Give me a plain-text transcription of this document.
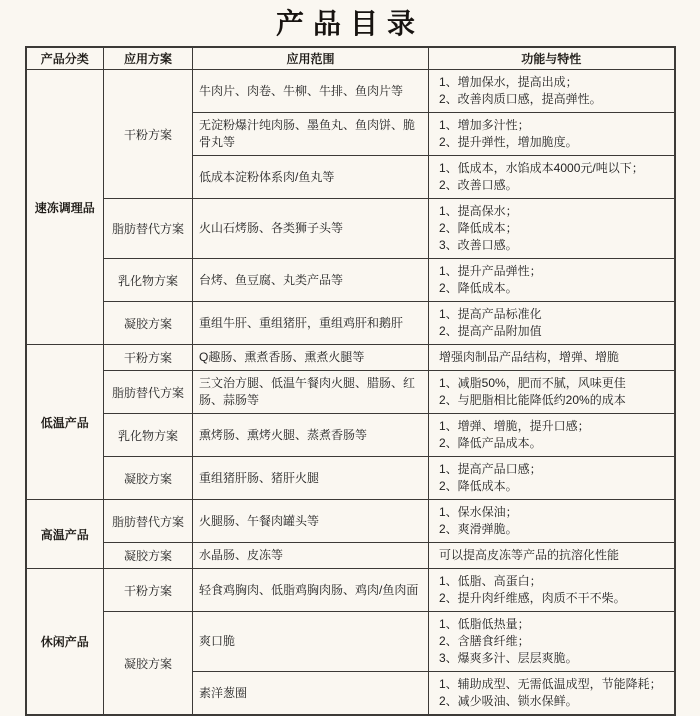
产品目录
产品分类	应用方案	应用范围	功能与特性
速冻调理品	干粉方案	牛肉片、肉卷、牛柳、牛排、鱼肉片等	1、增加保水，提高出成；
2、改善肉质口感，提高弹性。

		无淀粉爆汁纯肉肠、墨鱼丸、鱼肉饼、脆骨丸等	1、增加多汁性；
2、提升弹性，增加脆度。

		低成本淀粉体系肉/鱼丸等	1、低成本，水馅成本4000元/吨以下；
2、改善口感。

	脂肪替代方案	火山石烤肠、各类狮子头等	1、提高保水；
2、降低成本；
3、改善口感。

	乳化物方案	台烤、鱼豆腐、丸类产品等	1、提升产品弹性；
2、降低成本。

	凝胶方案	重组牛肝、重组猪肝，重组鸡肝和鹅肝	1、提高产品标准化
2、提高产品附加值

低温产品	干粉方案	Q趣肠、熏煮香肠、熏煮火腿等	增强肉制品产品结构，增弹、增脆

	脂肪替代方案	三文治方腿、低温午餐肉火腿、腊肠、红肠、蒜肠等	1、减脂50%，肥而不腻，风味更佳
2、与肥脂相比能降低约20%的成本

	乳化物方案	熏烤肠、熏烤火腿、蒸煮香肠等	1、增弹、增脆，提升口感；
2、降低产品成本。

	凝胶方案	重组猪肝肠、猪肝火腿	1、提高产品口感；
2、降低成本。

高温产品	脂肪替代方案	火腿肠、午餐肉罐头等	1、保水保油；
2、爽滑弹脆。

	凝胶方案	水晶肠、皮冻等	可以提高皮冻等产品的抗溶化性能

休闲产品	干粉方案	轻食鸡胸肉、低脂鸡胸肉肠、鸡肉/鱼肉面	1、低脂、高蛋白；
2、提升肉纤维感，肉质不干不柴。

	凝胶方案	爽口脆	1、低脂低热量；
2、含膳食纤维；
3、爆爽多汁、层层爽脆。

		素洋葱圈	1、辅助成型、无需低温成型，节能降耗；
2、减少吸油、锁水保鲜。
